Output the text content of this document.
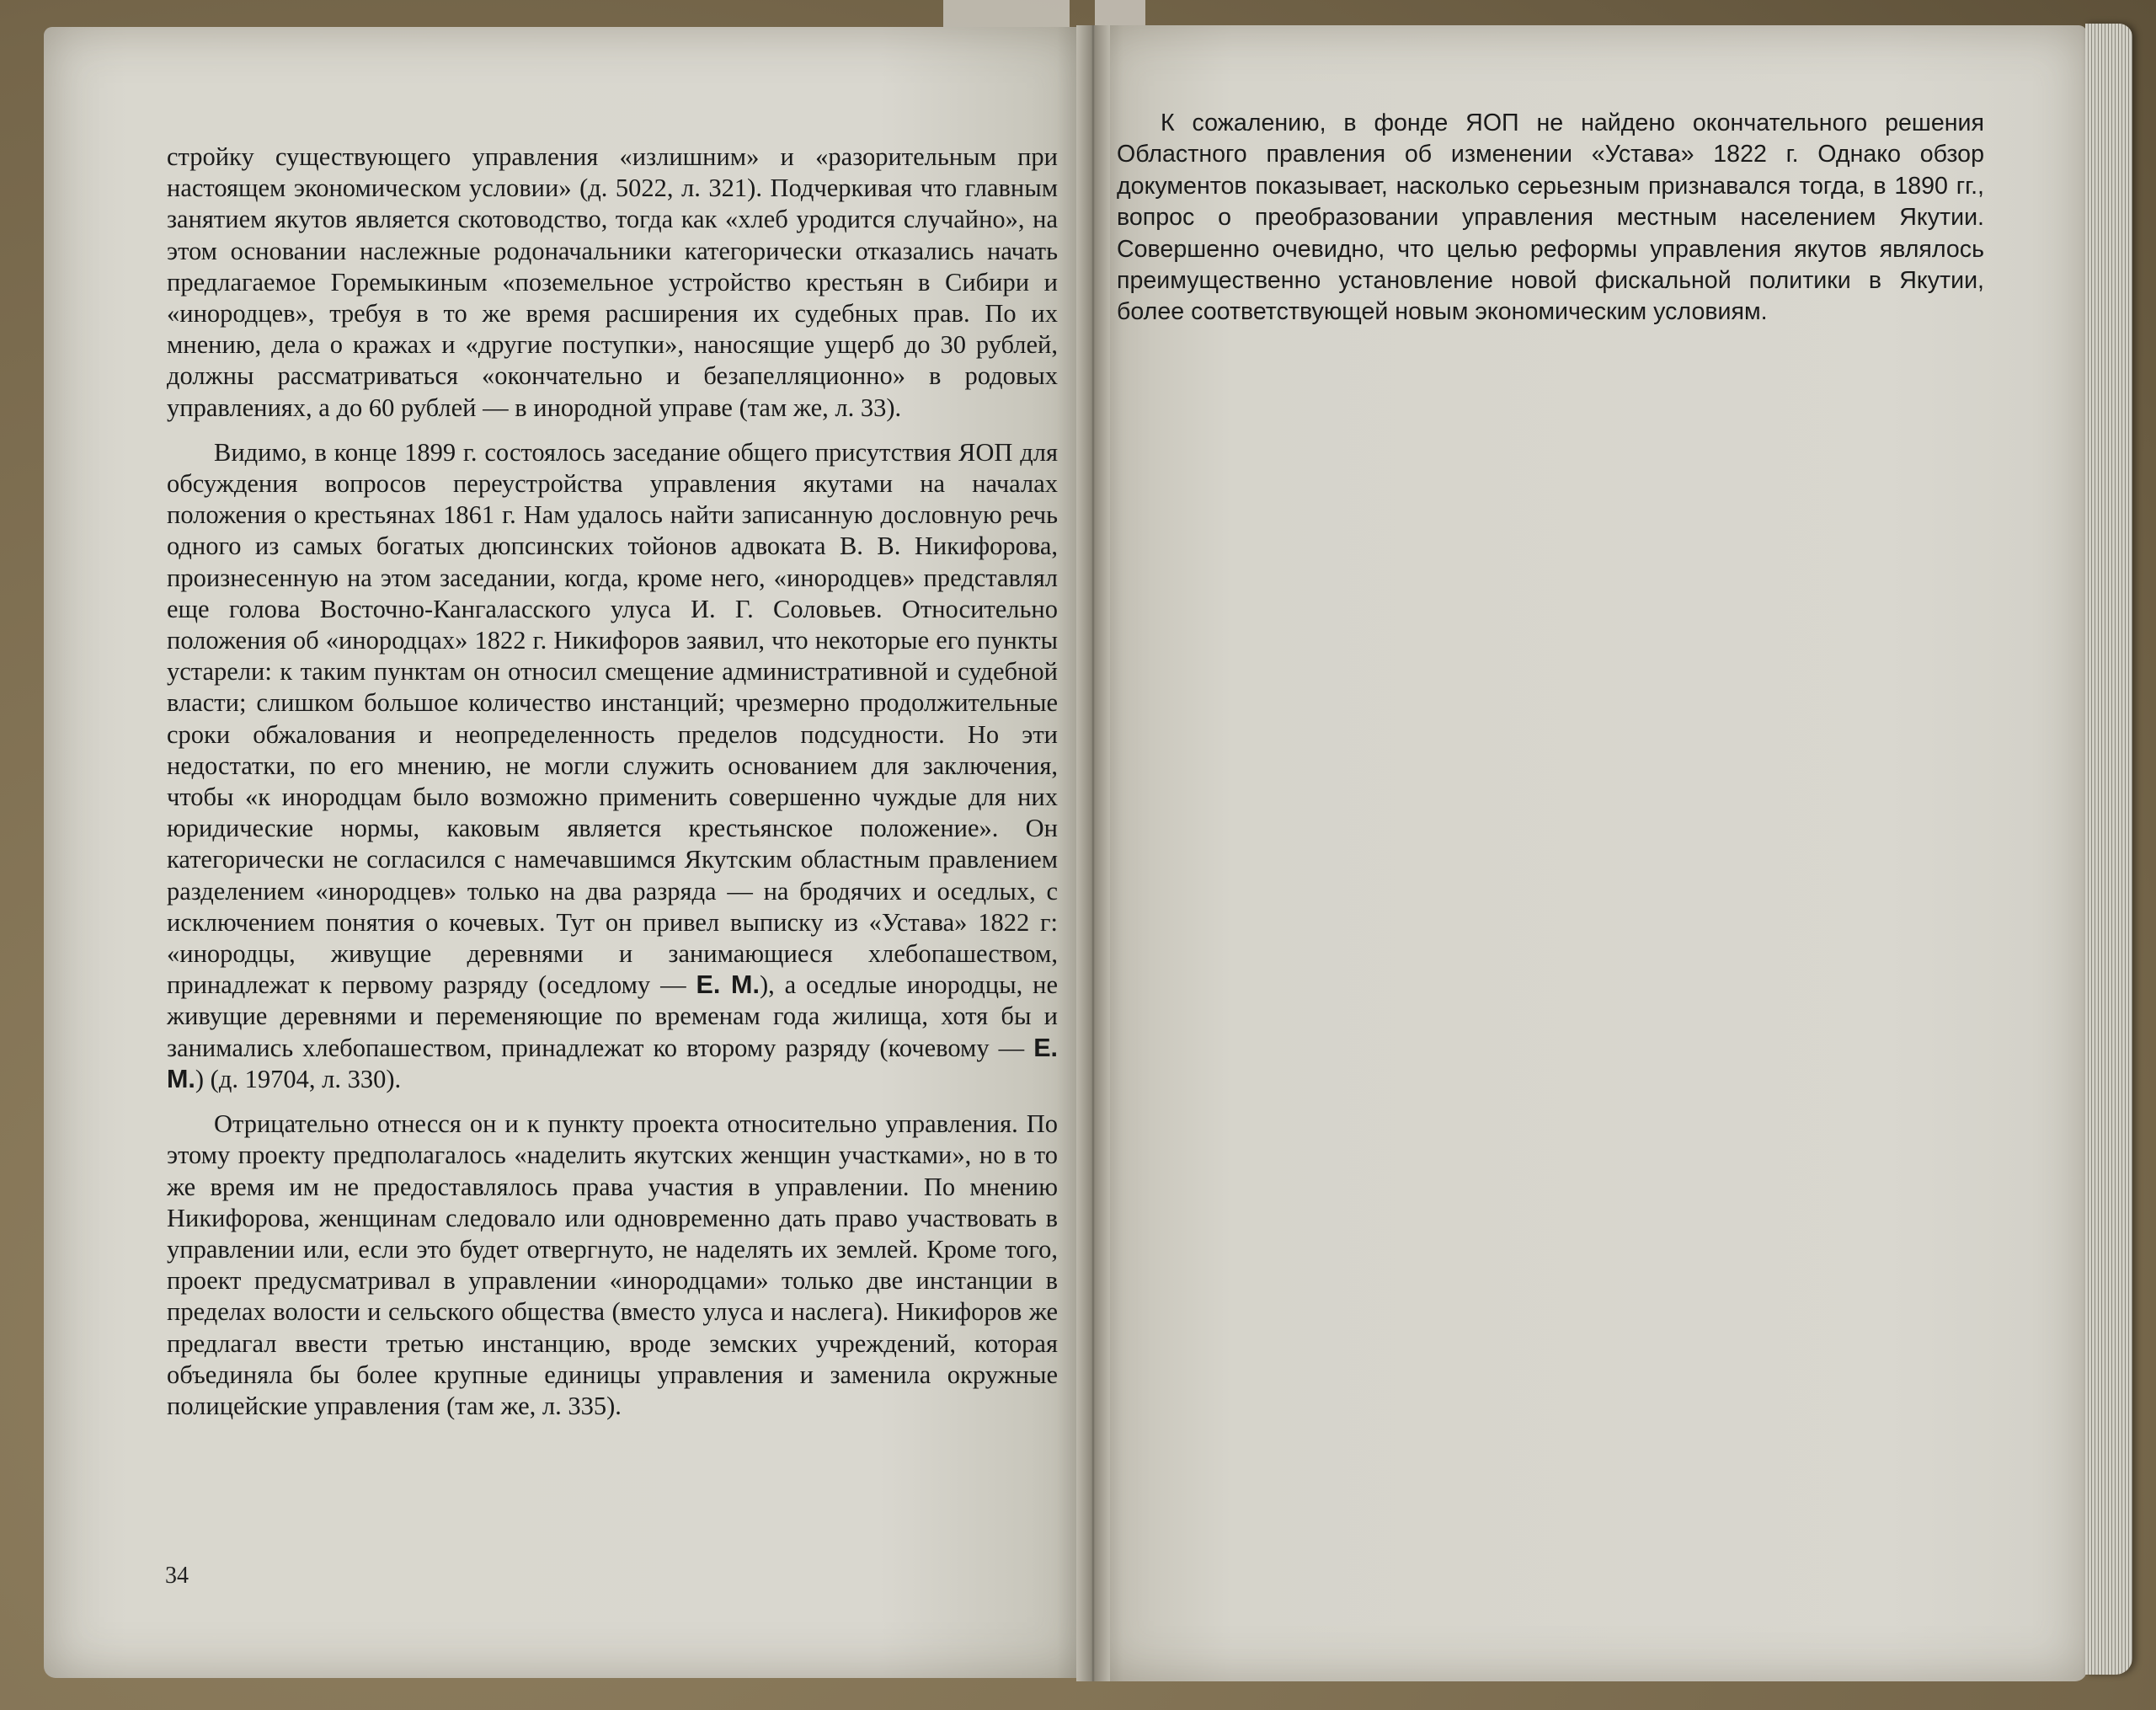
стройку существующего управления «излишним» и «разорительным при настоящем экономическом условии» (д. 5022, л. 321). Подчеркивая что главным занятием якутов является скотоводство, тогда как «хлеб уродится случайно», на этом основании наслежные родоначальники категорически отказались начать предлагаемое Горемыкиным «поземельное устройство крестьян в Сибири и «инородцев», требуя в то же время расширения их судебных прав. По их мнению, дела о кражах и «другие поступки», наносящие ущерб до 30 рублей, должны рассматриваться «окончательно и безапелляционно» в родовых управлениях, а до 60 рублей — в инородной управе (там же, л. 33).

Видимо, в конце 1899 г. состоялось заседание общего присутствия ЯОП для обсуждения вопросов переустройства управления якутами на началах положения о крестьянах 1861 г. Нам удалось найти записанную дословную речь одного из самых богатых дюпсинских тойонов адвоката В. В. Никифорова, произнесенную на этом заседании, когда, кроме него, «инородцев» представлял еще голова Восточно-Кангаласского улуса И. Г. Соловьев. Относительно положения об «инородцах» 1822 г. Никифоров заявил, что некоторые его пункты устарели: к таким пунктам он относил смещение административной и судебной власти; слишком большое количество инстанций; чрезмерно продолжительные сроки обжалования и неопределенность пределов подсудности. Но эти недостатки, по его мнению, не могли служить основанием для заключения, чтобы «к инородцам было возможно применить совершенно чуждые для них юридические нормы, каковым является крестьянское положение». Он категорически не согласился с намечавшимся Якутским областным правлением разделением «инородцев» только на два разряда — на бродячих и оседлых, с исключением понятия о кочевых. Тут он привел выписку из «Устава» 1822 г: «инородцы, живущие деревнями и занимающиеся хлебопашеством, принадлежат к первому разряду (оседлому — Е. М.), а оседлые инородцы, не живущие деревнями и переменяющие по временам года жилища, хотя бы и занимались хлебопашеством, принадлежат ко второму разряду (кочевому — Е. М.) (д. 19704, л. 330).

Отрицательно отнесся он и к пункту проекта относительно управления. По этому проекту предполагалось «наделить якутских женщин участками», но в то же время им не предоставлялось права участия в управлении. По мнению Никифорова, женщинам следовало или одновременно дать право участвовать в управлении или, если это будет отвергнуто, не наделять их землей. Кроме того, проект предусматривал в управлении «инородцами» только две инстанции в пределах волости и сельского общества (вместо улуса и наслега). Никифоров же предлагал ввести третью инстанцию, вроде земских учреждений, которая объединяла бы более крупные единицы управления и заменила окружные полицейские управления (там же, л. 335).

34

К сожалению, в фонде ЯОП не найдено окончательного решения Областного правления об изменении «Устава» 1822 г. Однако обзор документов показывает, насколько серьезным признавался тогда, в 1890 гг., вопрос о преобразовании управления местным населением Якутии. Совершенно очевидно, что целью реформы управления якутов являлось преимущественно установление новой фискальной политики в Якутии, более соответствующей новым экономическим условиям.
